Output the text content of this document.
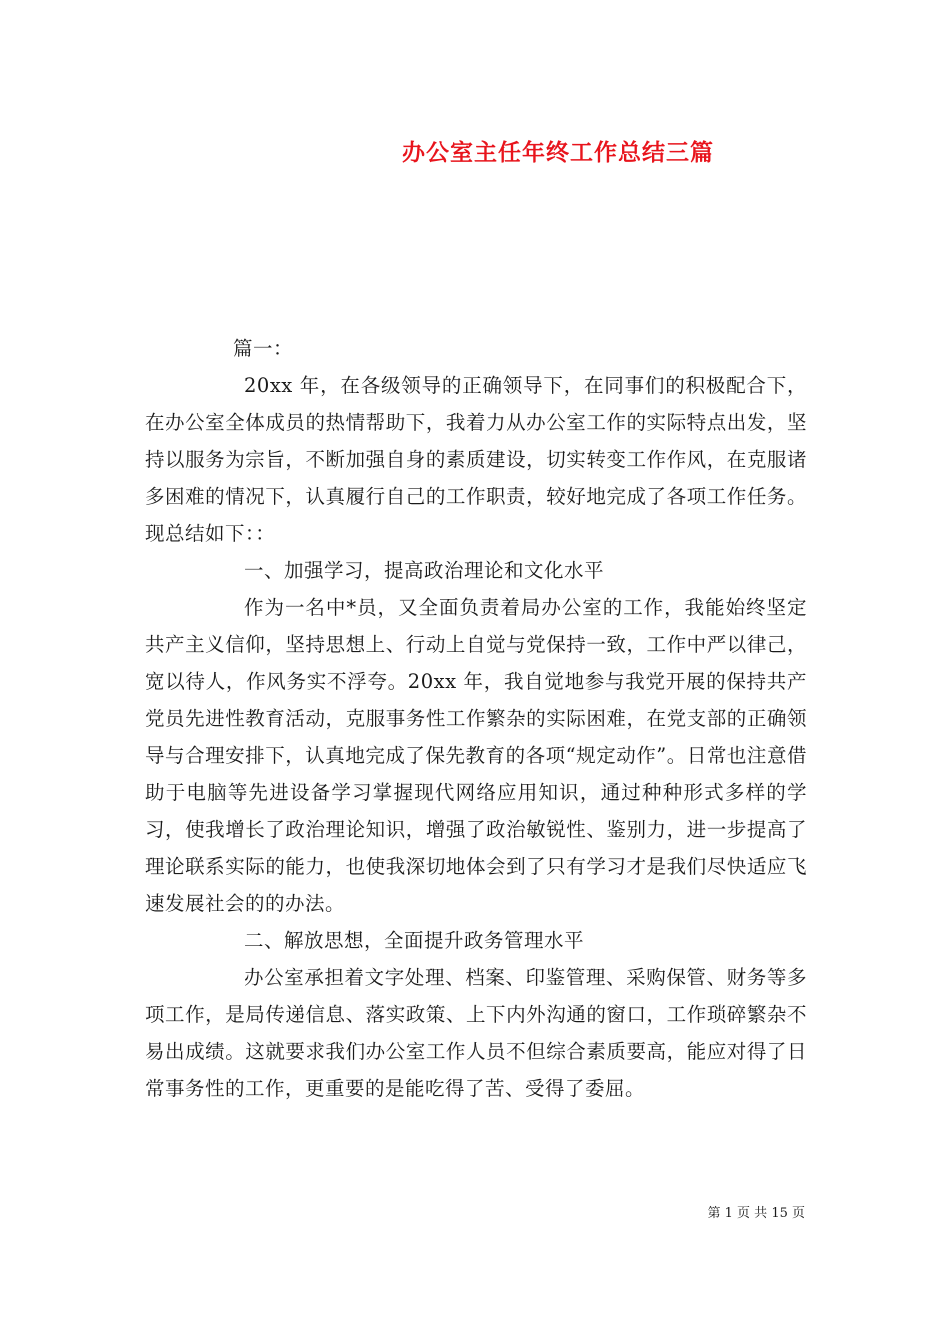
办公室主任年终工作总结三篇

篇一：

20xx 年，在各级领导的正确领导下，在同事们的积极配合下，在办公室全体成员的热情帮助下，我着力从办公室工作的实际特点出发，坚持以服务为宗旨，不断加强自身的素质建设，切实转变工作作风，在克服诸多困难的情况下，认真履行自己的工作职责，较好地完成了各项工作任务。现总结如下：：

一、加强学习，提高政治理论和文化水平

作为一名中*员，又全面负责着局办公室的工作，我能始终坚定共产主义信仰，坚持思想上、行动上自觉与党保持一致，工作中严以律己，宽以待人，作风务实不浮夸。20xx 年，我自觉地参与我党开展的保持共产党员先进性教育活动，克服事务性工作繁杂的实际困难，在党支部的正确领导与合理安排下，认真地完成了保先教育的各项“规定动作”。日常也注意借助于电脑等先进设备学习掌握现代网络应用知识，通过种种形式多样的学习，使我增长了政治理论知识，增强了政治敏锐性、鉴别力，进一步提高了理论联系实际的能力，也使我深切地体会到了只有学习才是我们尽快适应飞速发展社会的的办法。

二、解放思想，全面提升政务管理水平

办公室承担着文字处理、档案、印鉴管理、采购保管、财务等多项工作，是局传递信息、落实政策、上下内外沟通的窗口，工作琐碎繁杂不易出成绩。这就要求我们办公室工作人员不但综合素质要高，能应对得了日常事务性的工作，更重要的是能吃得了苦、受得了委屈。

第 1 页 共 15 页
